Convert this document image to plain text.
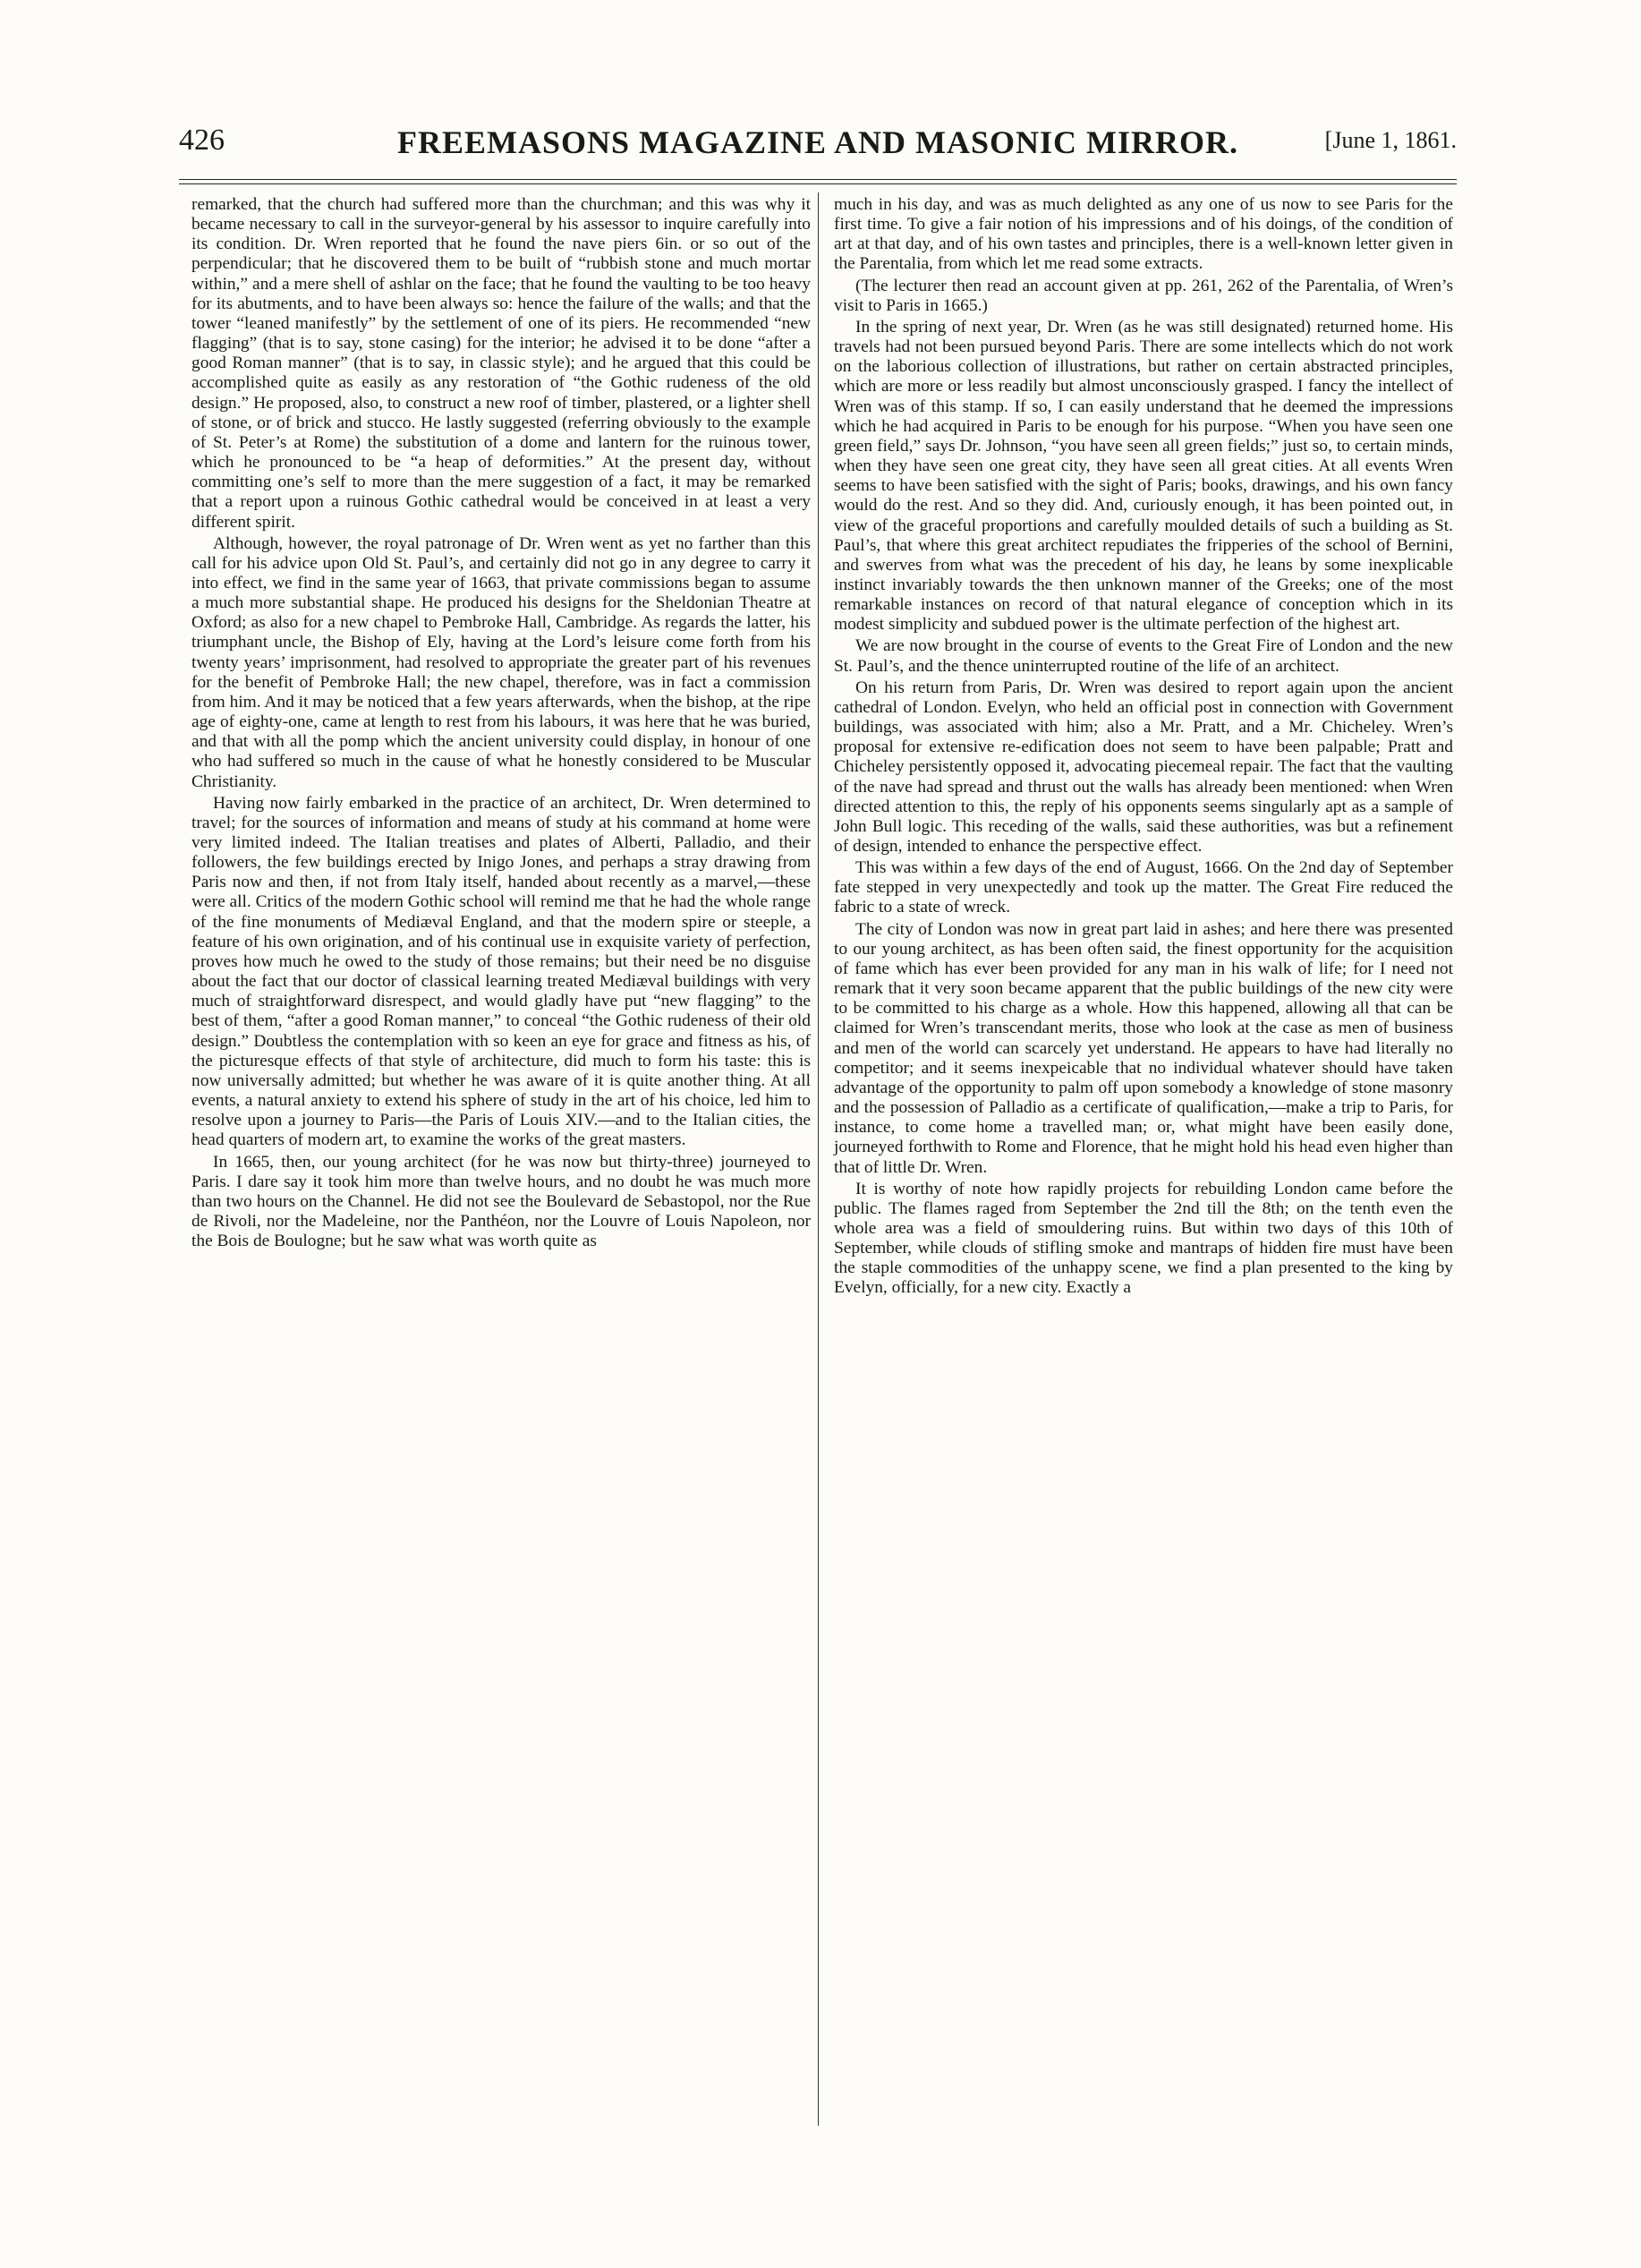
426	FREEMASONS MAGAZINE AND MASONIC MIRROR.	[June 1, 1861.

remarked, that the church had suffered more than the churchman; and this was why it became necessary to call in the surveyor-general by his assessor to inquire carefully into its condition. Dr. Wren reported that he found the nave piers 6in. or so out of the perpendicular; that he discovered them to be built of “rubbish stone and much mortar within,” and a mere shell of ashlar on the face; that he found the vaulting to be too heavy for its abutments, and to have been always so: hence the failure of the walls; and that the tower “leaned manifestly” by the settlement of one of its piers. He recommended “new flagging” (that is to say, stone casing) for the interior; he advised it to be done “after a good Roman manner” (that is to say, in classic style); and he argued that this could be accomplished quite as easily as any restoration of “the Gothic rudeness of the old design.” He proposed, also, to construct a new roof of timber, plastered, or a lighter shell of stone, or of brick and stucco. He lastly suggested (referring obviously to the example of St. Peter’s at Rome) the substitution of a dome and lantern for the ruinous tower, which he pronounced to be “a heap of deformities.” At the present day, without committing one’s self to more than the mere suggestion of a fact, it may be remarked that a report upon a ruinous Gothic cathedral would be conceived in at least a very different spirit.

Although, however, the royal patronage of Dr. Wren went as yet no farther than this call for his advice upon Old St. Paul’s, and certainly did not go in any degree to carry it into effect, we find in the same year of 1663, that private commissions began to assume a much more substantial shape. He produced his designs for the Sheldonian Theatre at Oxford; as also for a new chapel to Pembroke Hall, Cambridge. As regards the latter, his triumphant uncle, the Bishop of Ely, having at the Lord’s leisure come forth from his twenty years’ imprisonment, had resolved to appropriate the greater part of his revenues for the benefit of Pembroke Hall; the new chapel, therefore, was in fact a commission from him. And it may be noticed that a few years afterwards, when the bishop, at the ripe age of eighty-one, came at length to rest from his labours, it was here that he was buried, and that with all the pomp which the ancient university could display, in honour of one who had suffered so much in the cause of what he honestly considered to be Muscular Christianity.

Having now fairly embarked in the practice of an architect, Dr. Wren determined to travel; for the sources of information and means of study at his command at home were very limited indeed. The Italian treatises and plates of Alberti, Palladio, and their followers, the few buildings erected by Inigo Jones, and perhaps a stray drawing from Paris now and then, if not from Italy itself, handed about recently as a marvel,—these were all. Critics of the modern Gothic school will remind me that he had the whole range of the fine monuments of Mediæval England, and that the modern spire or steeple, a feature of his own origination, and of his continual use in exquisite variety of perfection, proves how much he owed to the study of those remains; but their need be no disguise about the fact that our doctor of classical learning treated Mediæval buildings with very much of straightforward disrespect, and would gladly have put “new flagging” to the best of them, “after a good Roman manner,” to conceal “the Gothic rudeness of their old design.” Doubtless the contemplation with so keen an eye for grace and fitness as his, of the picturesque effects of that style of architecture, did much to form his taste: this is now universally admitted; but whether he was aware of it is quite another thing. At all events, a natural anxiety to extend his sphere of study in the art of his choice, led him to resolve upon a journey to Paris—the Paris of Louis XIV.—and to the Italian cities, the head quarters of modern art, to examine the works of the great masters.

In 1665, then, our young architect (for he was now but thirty-three) journeyed to Paris. I dare say it took him more than twelve hours, and no doubt he was much more than two hours on the Channel. He did not see the Boulevard de Sebastopol, nor the Rue de Rivoli, nor the Madeleine, nor the Panthéon, nor the Louvre of Louis Napoleon, nor the Bois de Boulogne; but he saw what was worth quite as

much in his day, and was as much delighted as any one of us now to see Paris for the first time. To give a fair notion of his impressions and of his doings, of the condition of art at that day, and of his own tastes and principles, there is a well-known letter given in the Parentalia, from which let me read some extracts.

(The lecturer then read an account given at pp. 261, 262 of the Parentalia, of Wren’s visit to Paris in 1665.)

In the spring of next year, Dr. Wren (as he was still designated) returned home. His travels had not been pursued beyond Paris. There are some intellects which do not work on the laborious collection of illustrations, but rather on certain abstracted principles, which are more or less readily but almost unconsciously grasped. I fancy the intellect of Wren was of this stamp. If so, I can easily understand that he deemed the impressions which he had acquired in Paris to be enough for his purpose. “When you have seen one green field,” says Dr. Johnson, “you have seen all green fields;” just so, to certain minds, when they have seen one great city, they have seen all great cities. At all events Wren seems to have been satisfied with the sight of Paris; books, drawings, and his own fancy would do the rest. And so they did. And, curiously enough, it has been pointed out, in view of the graceful proportions and carefully moulded details of such a building as St. Paul’s, that where this great architect repudiates the fripperies of the school of Bernini, and swerves from what was the precedent of his day, he leans by some inexplicable instinct invariably towards the then unknown manner of the Greeks; one of the most remarkable instances on record of that natural elegance of conception which in its modest simplicity and subdued power is the ultimate perfection of the highest art.

We are now brought in the course of events to the Great Fire of London and the new St. Paul’s, and the thence uninterrupted routine of the life of an architect.

On his return from Paris, Dr. Wren was desired to report again upon the ancient cathedral of London. Evelyn, who held an official post in connection with Government buildings, was associated with him; also a Mr. Pratt, and a Mr. Chicheley. Wren’s proposal for extensive re-edification does not seem to have been palpable; Pratt and Chicheley persistently opposed it, advocating piecemeal repair. The fact that the vaulting of the nave had spread and thrust out the walls has already been mentioned: when Wren directed attention to this, the reply of his opponents seems singularly apt as a sample of John Bull logic. This receding of the walls, said these authorities, was but a refinement of design, intended to enhance the perspective effect.

This was within a few days of the end of August, 1666. On the 2nd day of September fate stepped in very unexpectedly and took up the matter. The Great Fire reduced the fabric to a state of wreck.

The city of London was now in great part laid in ashes; and here there was presented to our young architect, as has been often said, the finest opportunity for the acquisition of fame which has ever been provided for any man in his walk of life; for I need not remark that it very soon became apparent that the public buildings of the new city were to be committed to his charge as a whole. How this happened, allowing all that can be claimed for Wren’s transcendant merits, those who look at the case as men of business and men of the world can scarcely yet understand. He appears to have had literally no competitor; and it seems inexpeicable that no individual whatever should have taken advantage of the opportunity to palm off upon somebody a knowledge of stone masonry and the possession of Palladio as a certificate of qualification,—make a trip to Paris, for instance, to come home a travelled man; or, what might have been easily done, journeyed forthwith to Rome and Florence, that he might hold his head even higher than that of little Dr. Wren.

It is worthy of note how rapidly projects for rebuilding London came before the public. The flames raged from September the 2nd till the 8th; on the tenth even the whole area was a field of smouldering ruins. But within two days of this 10th of September, while clouds of stifling smoke and mantraps of hidden fire must have been the staple commodities of the unhappy scene, we find a plan presented to the king by Evelyn, officially, for a new city. Exactly a
